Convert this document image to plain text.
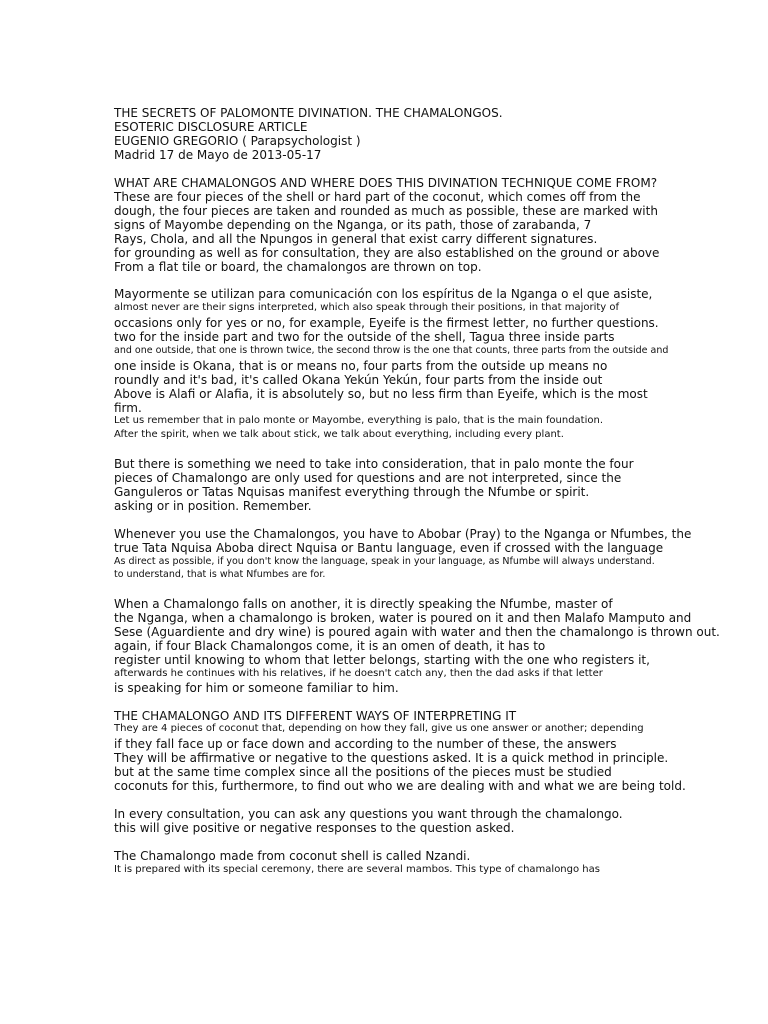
THE SECRETS OF PALOMONTE DIVINATION. THE CHAMALONGOS.
ESOTERIC DISCLOSURE ARTICLE
EUGENIO GREGORIO ( Parapsychologist )
Madrid 17 de Mayo de 2013-05-17
WHAT ARE CHAMALONGOS AND WHERE DOES THIS DIVINATION TECHNIQUE COME FROM?
These are four pieces of the shell or hard part of the coconut, which comes off from the
dough, the four pieces are taken and rounded as much as possible, these are marked with
signs of Mayombe depending on the Nganga, or its path, those of zarabanda, 7
Rays, Chola, and all the Npungos in general that exist carry different signatures.
for grounding as well as for consultation, they are also established on the ground or above
From a flat tile or board, the chamalongos are thrown on top.
Mayormente se utilizan para comunicación con los espíritus de la Nganga o el que asiste,
almost never are their signs interpreted, which also speak through their positions, in that majority of
occasions only for yes or no, for example, Eyeife is the firmest letter, no further questions.
two for the inside part and two for the outside of the shell, Tagua three inside parts
and one outside, that one is thrown twice, the second throw is the one that counts, three parts from the outside and
one inside is Okana, that is or means no, four parts from the outside up means no
roundly and it's bad, it's called Okana Yekún Yekún, four parts from the inside out
Above is Alafi or Alafia, it is absolutely so, but no less firm than Eyeife, which is the most
firm.
Let us remember that in palo monte or Mayombe, everything is palo, that is the main foundation.
After the spirit, when we talk about stick, we talk about everything, including every plant.
But there is something we need to take into consideration, that in palo monte the four
pieces of Chamalongo are only used for questions and are not interpreted, since the
Ganguleros or Tatas Nquisas manifest everything through the Nfumbe or spirit.
asking or in position. Remember.
Whenever you use the Chamalongos, you have to Abobar (Pray) to the Nganga or Nfumbes, the
true Tata Nquisa Aboba direct Nquisa or Bantu language, even if crossed with the language
As direct as possible, if you don't know the language, speak in your language, as Nfumbe will always understand.
to understand, that is what Nfumbes are for.
When a Chamalongo falls on another, it is directly speaking the Nfumbe, master of
the Nganga, when a chamalongo is broken, water is poured on it and then Malafo Mamputo and
Sese (Aguardiente and dry wine) is poured again with water and then the chamalongo is thrown out.
again, if four Black Chamalongos come, it is an omen of death, it has to
register until knowing to whom that letter belongs, starting with the one who registers it,
afterwards he continues with his relatives, if he doesn't catch any, then the dad asks if that letter
is speaking for him or someone familiar to him.
THE CHAMALONGO AND ITS DIFFERENT WAYS OF INTERPRETING IT
They are 4 pieces of coconut that, depending on how they fall, give us one answer or another; depending
if they fall face up or face down and according to the number of these, the answers
They will be affirmative or negative to the questions asked. It is a quick method in principle.
but at the same time complex since all the positions of the pieces must be studied
coconuts for this, furthermore, to find out who we are dealing with and what we are being told.
In every consultation, you can ask any questions you want through the chamalongo.
this will give positive or negative responses to the question asked.
The Chamalongo made from coconut shell is called Nzandi.
It is prepared with its special ceremony, there are several mambos. This type of chamalongo has
